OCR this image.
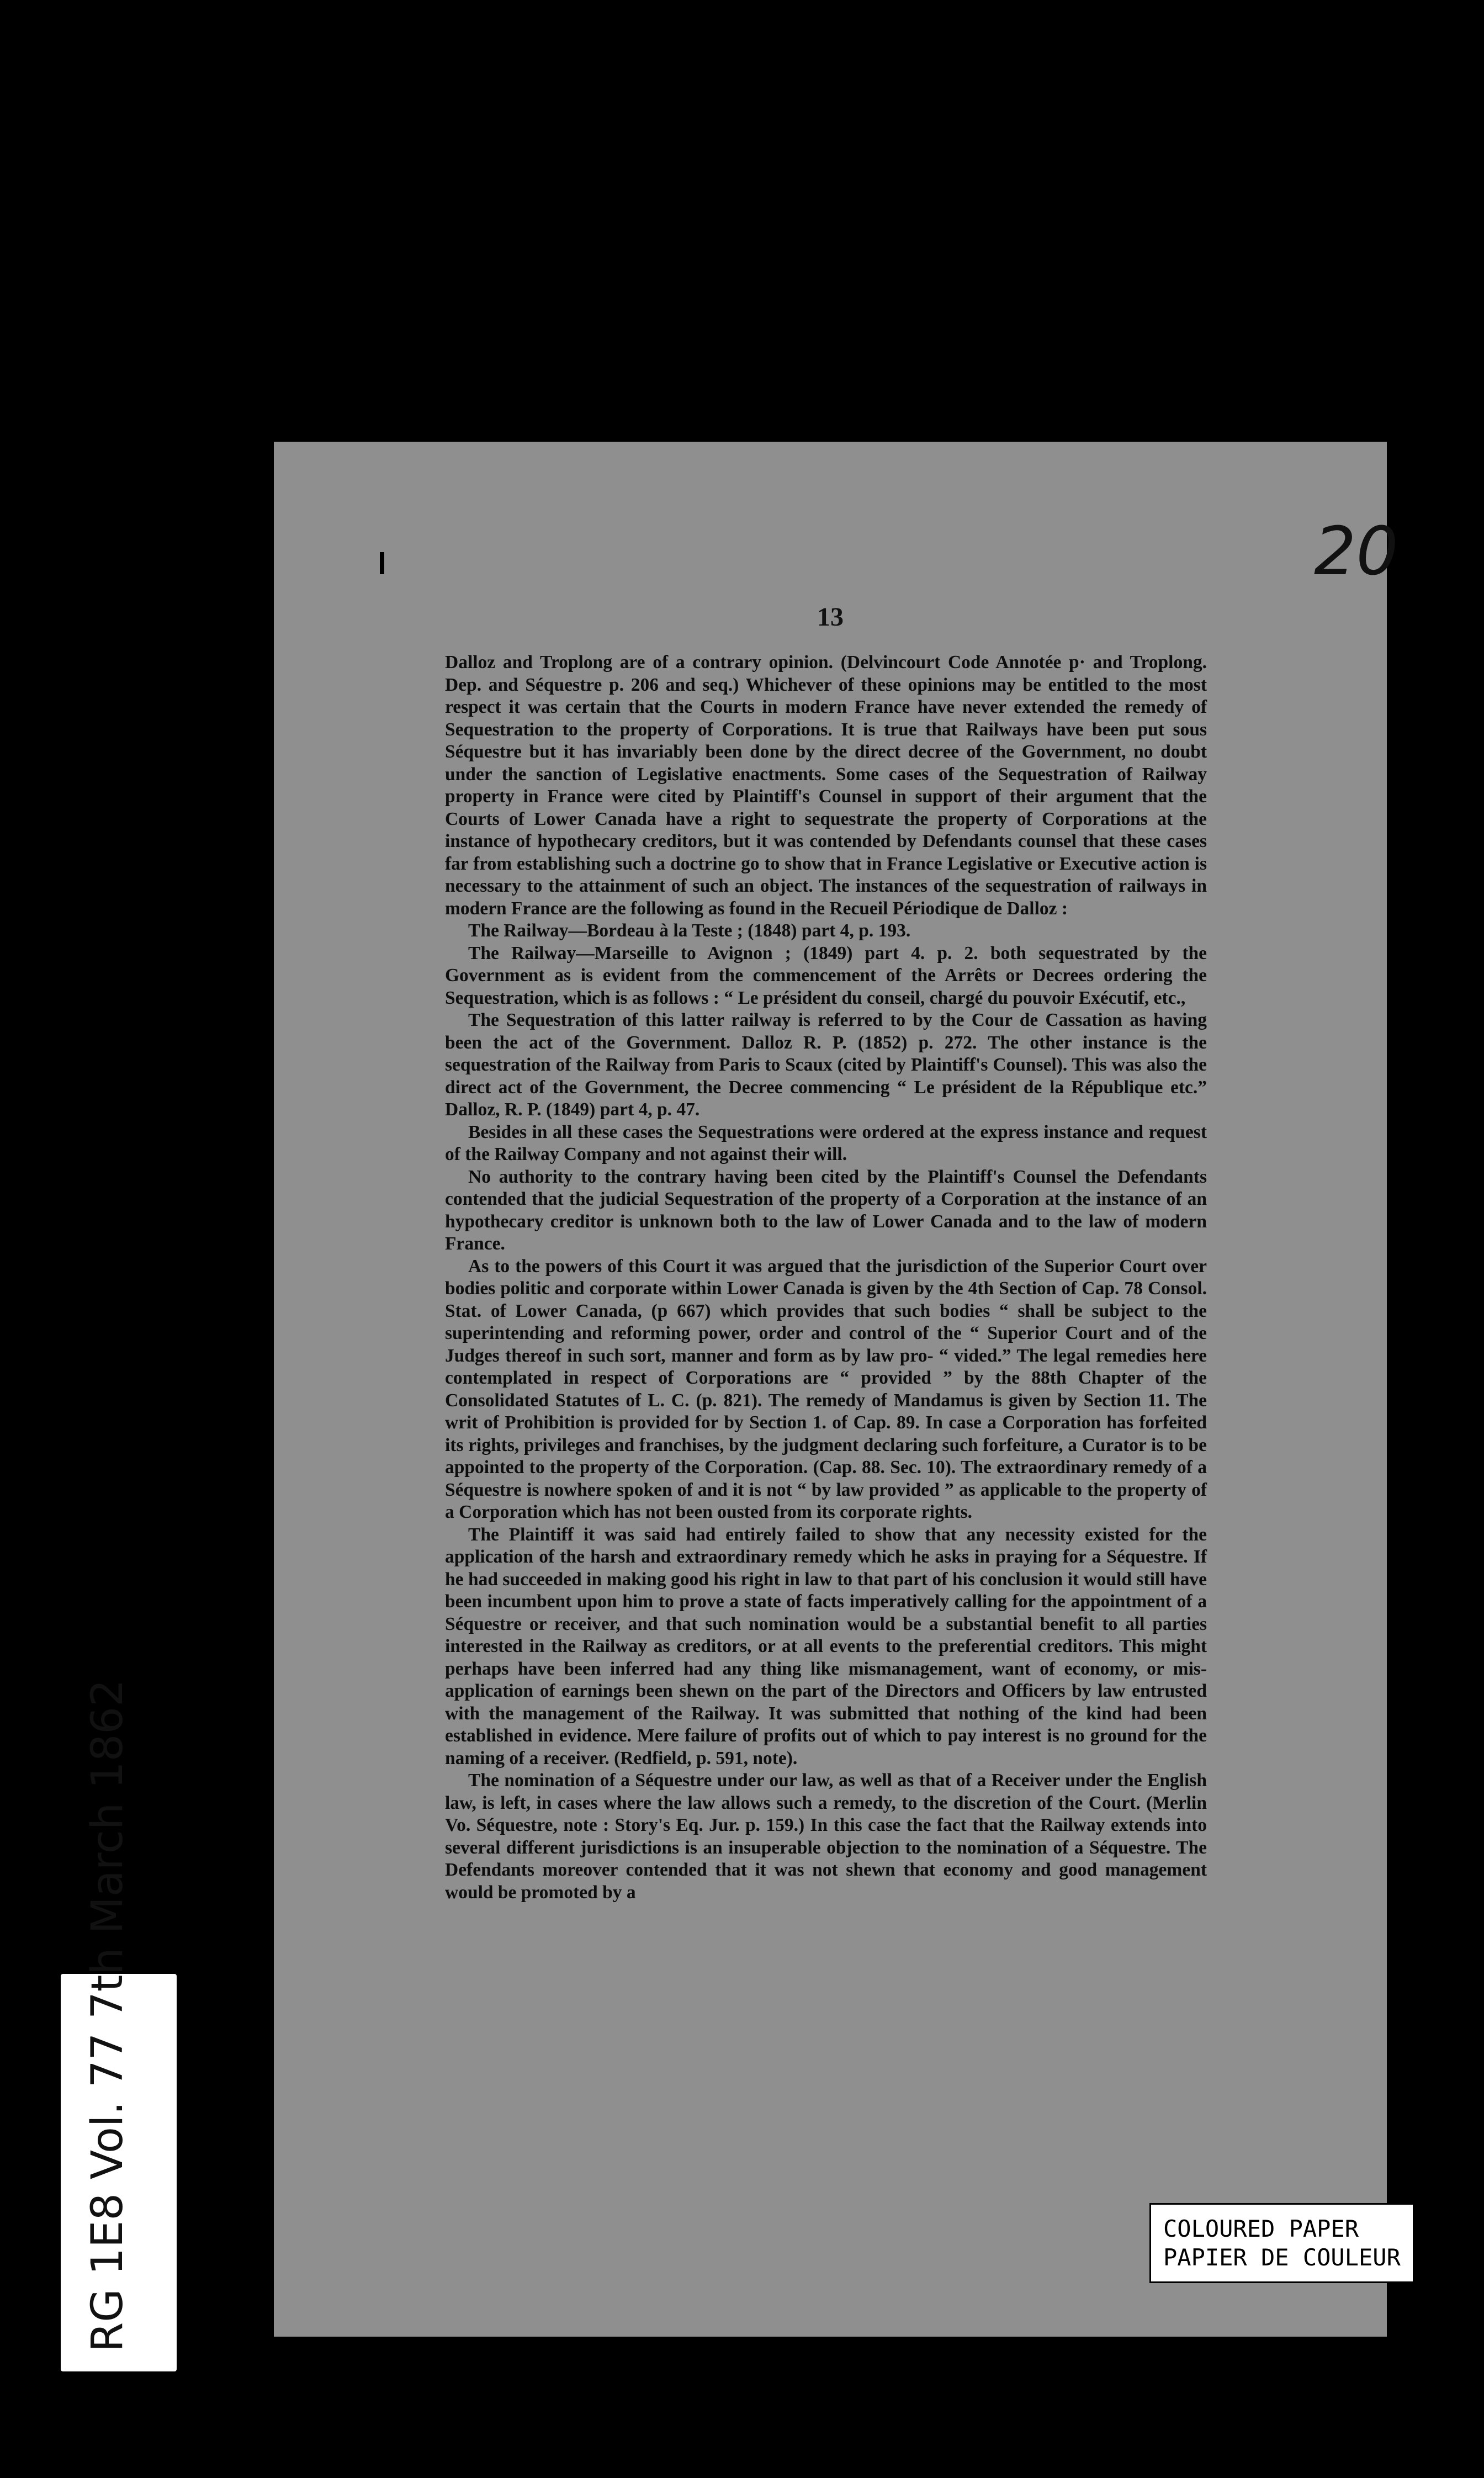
13
20

Dalloz and Troplong are of a contrary opinion. (Delvincourt Code Annotée p· and Troplong. Dep. and Séquestre p. 206 and seq.) Whichever of these opinions may be entitled to the most respect it was certain that the Courts in modern France have never extended the remedy of Sequestration to the property of Corporations. It is true that Railways have been put sous Séquestre but it has invariably been done by the direct decree of the Government, no doubt under the sanction of Legislative enactments. Some cases of the Sequestration of Railway property in France were cited by Plaintiff's Counsel in support of their argument that the Courts of Lower Canada have a right to sequestrate the property of Corporations at the instance of hypothecary creditors, but it was contended by Defendants counsel that these cases far from establishing such a doctrine go to show that in France Legislative or Executive action is necessary to the attainment of such an object. The instances of the sequestration of railways in modern France are the following as found in the Recueil Périodique de Dalloz :

The Railway—Bordeau à la Teste ; (1848) part 4, p. 193.

The Railway—Marseille to Avignon ; (1849) part 4. p. 2. both sequestrated by the Government as is evident from the commencement of the Arrêts or Decrees ordering the Sequestration, which is as follows : “ Le président du conseil, chargé du pouvoir Exécutif, etc.,

The Sequestration of this latter railway is referred to by the Cour de Cassation as having been the act of the Government. Dalloz R. P. (1852) p. 272. The other instance is the sequestration of the Railway from Paris to Scaux (cited by Plaintiff's Counsel). This was also the direct act of the Government, the Decree commencing “ Le président de la République etc.” Dalloz, R. P. (1849) part 4, p. 47.

Besides in all these cases the Sequestrations were ordered at the express instance and request of the Railway Company and not against their will.

No authority to the contrary having been cited by the Plaintiff's Counsel the Defendants contended that the judicial Sequestration of the property of a Corporation at the instance of an hypothecary creditor is unknown both to the law of Lower Canada and to the law of modern France.

As to the powers of this Court it was argued that the jurisdiction of the Superior Court over bodies politic and corporate within Lower Canada is given by the 4th Section of Cap. 78 Consol. Stat. of Lower Canada, (p 667) which provides that such bodies “ shall be subject to the superintending and reforming power, order and control of the “ Superior Court and of the Judges thereof in such sort, manner and form as by law pro- “ vided.” The legal remedies here contemplated in respect of Corporations are “ provided ” by the 88th Chapter of the Consolidated Statutes of L. C. (p. 821). The remedy of Mandamus is given by Section 11. The writ of Prohibition is provided for by Section 1. of Cap. 89. In case a Corporation has forfeited its rights, privileges and franchises, by the judgment declaring such forfeiture, a Curator is to be appointed to the property of the Corporation. (Cap. 88. Sec. 10). The extraordinary remedy of a Séquestre is nowhere spoken of and it is not “ by law provided ” as applicable to the property of a Corporation which has not been ousted from its corporate rights.

The Plaintiff it was said had entirely failed to show that any necessity existed for the application of the harsh and extraordinary remedy which he asks in praying for a Séquestre. If he had succeeded in making good his right in law to that part of his conclusion it would still have been incumbent upon him to prove a state of facts imperatively calling for the appointment of a Séquestre or receiver, and that such nomination would be a substantial benefit to all parties interested in the Railway as creditors, or at all events to the preferential creditors. This might perhaps have been inferred had any thing like mismanagement, want of economy, or mis-application of earnings been shewn on the part of the Directors and Officers by law entrusted with the management of the Railway. It was submitted that nothing of the kind had been established in evidence. Mere failure of profits out of which to pay interest is no ground for the naming of a receiver. (Redfield, p. 591, note).

The nomination of a Séquestre under our law, as well as that of a Receiver under the English law, is left, in cases where the law allows such a remedy, to the discretion of the Court. (Merlin Vo. Séquestre, note : Story's Eq. Jur. p. 159.) In this case the fact that the Railway extends into several different jurisdictions is an insuperable objection to the nomination of a Séquestre. The Defendants moreover contended that it was not shewn that economy and good management would be promoted by a

RG 1E8 Vol. 77 7th March 1862	COLOURED PAPER
PAPIER DE COULEUR
